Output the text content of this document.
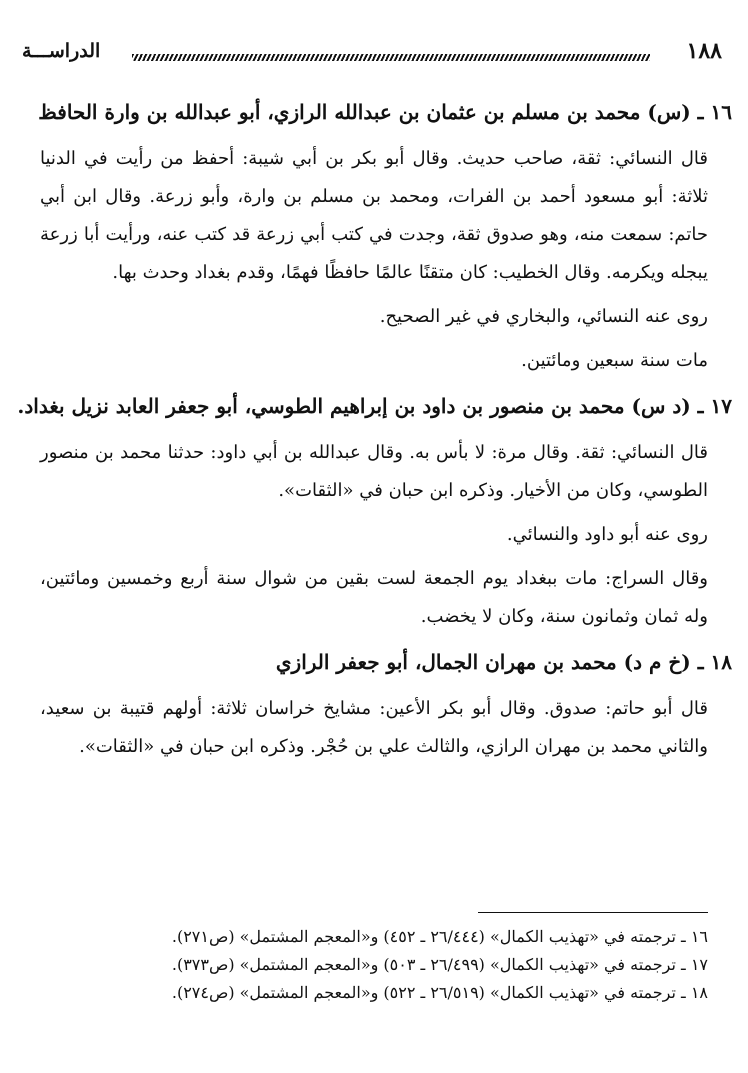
١٨٨
الدراســـة
١٦ ـ (س) محمد بن مسلم بن عثمان بن عبدالله الرازي، أبو عبدالله بن وارة الحافظ

قال النسائي: ثقة، صاحب حديث. وقال أبو بكر بن أبي شيبة: أحفظ من رأيت في الدنيا ثلاثة: أبو مسعود أحمد بن الفرات، ومحمد بن مسلم بن وارة، وأبو زرعة. وقال ابن أبي حاتم: سمعت منه، وهو صدوق ثقة، وجدت في كتب أبي زرعة قد كتب عنه، ورأيت أبا زرعة يبجله ويكرمه. وقال الخطيب: كان متقنًا عالمًا حافظًا فهمًا، وقدم بغداد وحدث بها.

روى عنه النسائي، والبخاري في غير الصحيح.

مات سنة سبعين ومائتين.

١٧ ـ (د س) محمد بن منصور بن داود بن إبراهيم الطوسي، أبو جعفر العابد نزيل بغداد.

قال النسائي: ثقة. وقال مرة: لا بأس به. وقال عبدالله بن أبي داود: حدثنا محمد بن منصور الطوسي، وكان من الأخيار. وذكره ابن حبان في «الثقات».

روى عنه أبو داود والنسائي.

وقال السراج: مات ببغداد يوم الجمعة لست بقين من شوال سنة أربع وخمسين ومائتين، وله ثمان وثمانون سنة، وكان لا يخضب.

١٨ ـ (خ م د) محمد بن مهران الجمال، أبو جعفر الرازي

قال أبو حاتم: صدوق. وقال أبو بكر الأعين: مشايخ خراسان ثلاثة: أولهم قتيبة بن سعيد، والثاني محمد بن مهران الرازي، والثالث علي بن حُجْر. وذكره ابن حبان في «الثقات».

١٦ ـ ترجمته في «تهذيب الكمال» (٢٦/٤٤٤ ـ ٤٥٢) و«المعجم المشتمل» (ص٢٧١).
١٧ ـ ترجمته في «تهذيب الكمال» (٢٦/٤٩٩ ـ ٥٠٣) و«المعجم المشتمل» (ص٣٧٣).
١٨ ـ ترجمته في «تهذيب الكمال» (٢٦/٥١٩ ـ ٥٢٢) و«المعجم المشتمل» (ص٢٧٤).
